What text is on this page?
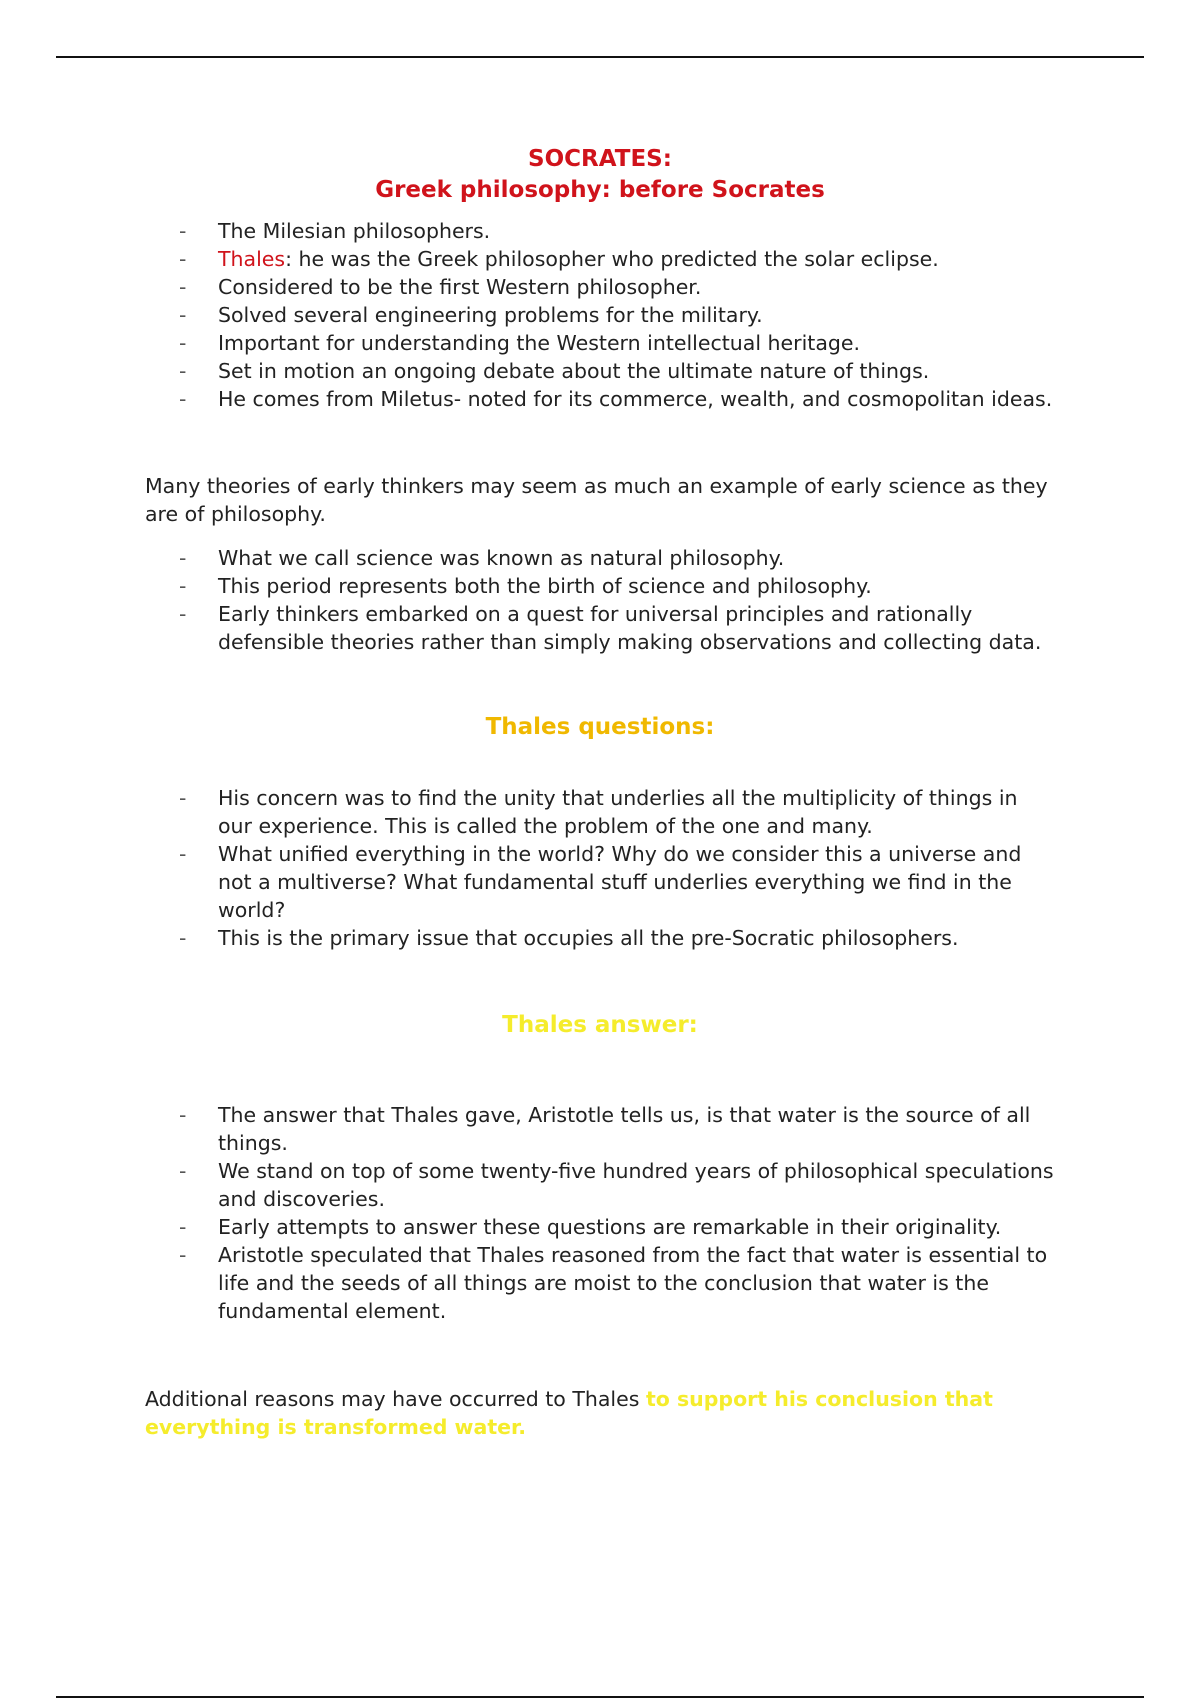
SOCRATES:
Greek philosophy: before Socrates
- The Milesian philosophers.
- Thales: he was the Greek philosopher who predicted the solar eclipse.
- Considered to be the first Western philosopher.
- Solved several engineering problems for the military.
- Important for understanding the Western intellectual heritage.
- Set in motion an ongoing debate about the ultimate nature of things.
- He comes from Miletus- noted for its commerce, wealth, and cosmopolitan ideas.

Many theories of early thinkers may seem as much an example of early science as they are of philosophy.

- What we call science was known as natural philosophy.
- This period represents both the birth of science and philosophy.
- Early thinkers embarked on a quest for universal principles and rationally defensible theories rather than simply making observations and collecting data.
Thales questions:
- His concern was to find the unity that underlies all the multiplicity of things in our experience. This is called the problem of the one and many.
- What unified everything in the world? Why do we consider this a universe and not a multiverse? What fundamental stuff underlies everything we find in the world?
- This is the primary issue that occupies all the pre-Socratic philosophers.
Thales answer:
- The answer that Thales gave, Aristotle tells us, is that water is the source of all things.
- We stand on top of some twenty-five hundred years of philosophical speculations and discoveries.
- Early attempts to answer these questions are remarkable in their originality.
- Aristotle speculated that Thales reasoned from the fact that water is essential to life and the seeds of all things are moist to the conclusion that water is the fundamental element.

Additional reasons may have occurred to Thales to support his conclusion that everything is transformed water.
